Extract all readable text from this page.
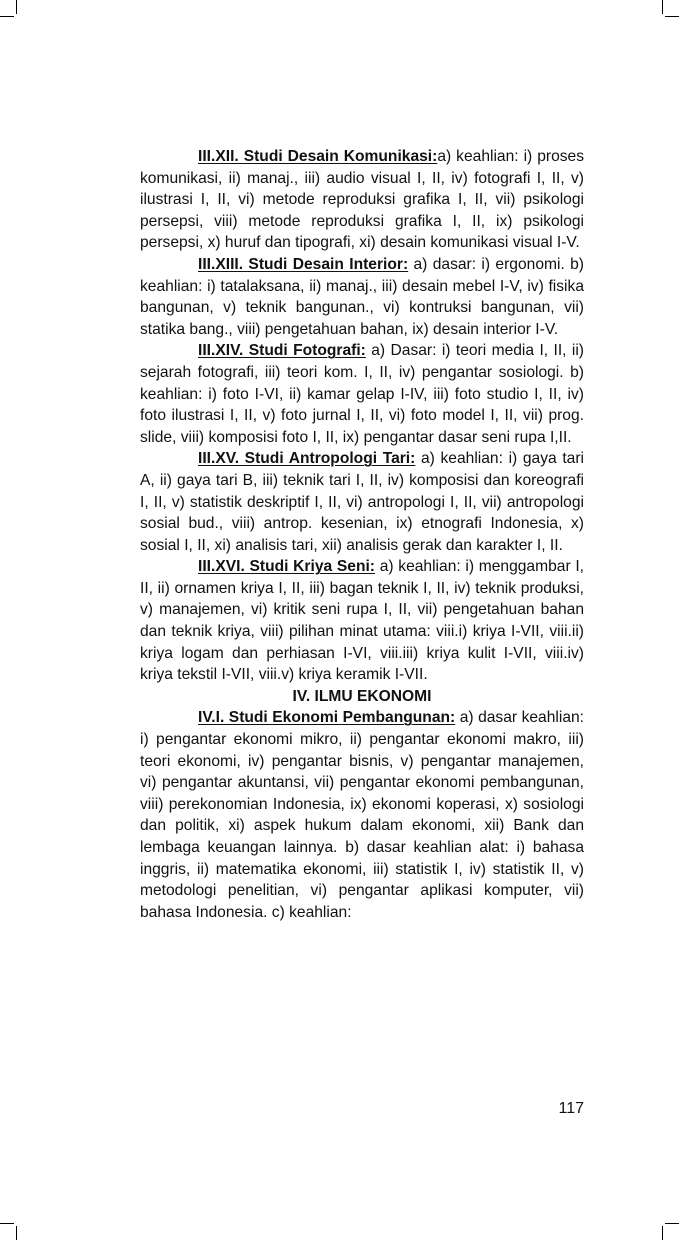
III.XII. Studi Desain Komunikasi:a) keahlian: i) proses komunikasi, ii) manaj., iii) audio visual I, II, iv) fotografi I, II, v) ilustrasi I, II, vi) metode reproduksi grafika I, II, vii) psikologi persepsi, viii) metode reproduksi grafika I, II, ix) psikologi persepsi, x) huruf dan tipografi, xi) desain komunikasi visual I-V.

III.XIII. Studi Desain Interior: a) dasar: i) ergonomi. b) keahlian: i) tatalaksana, ii) manaj., iii) desain mebel I-V, iv) fisika bangunan, v) teknik bangunan., vi) kontruksi bangunan, vii) statika bang., viii) pengetahuan bahan, ix) desain interior I-V.

III.XIV. Studi Fotografi: a) Dasar: i) teori media I, II, ii) sejarah fotografi, iii) teori kom. I, II, iv) pengantar sosiologi. b) keahlian: i) foto I-VI, ii) kamar gelap I-IV, iii) foto studio I, II, iv) foto ilustrasi I, II, v) foto jurnal I, II, vi) foto model I, II, vii) prog. slide, viii) komposisi foto I, II, ix) pengantar dasar seni rupa I,II.

III.XV. Studi Antropologi Tari: a) keahlian: i) gaya tari A, ii) gaya tari B, iii) teknik tari I, II, iv) komposisi dan koreografi I, II, v) statistik deskriptif I, II, vi) antropologi I, II, vii) antropologi sosial bud., viii) antrop. kesenian, ix) etnografi Indonesia, x) sosial I, II, xi) analisis tari, xii) analisis gerak dan karakter I, II.

III.XVI. Studi Kriya Seni: a) keahlian: i) menggambar I, II, ii) ornamen kriya I, II, iii) bagan teknik I, II, iv) teknik produksi, v) manajemen, vi) kritik seni rupa I, II, vii) pengetahuan bahan dan teknik kriya, viii) pilihan minat utama: viii.i) kriya I-VII, viii.ii) kriya logam dan perhiasan I-VI, viii.iii) kriya kulit I-VII, viii.iv) kriya tekstil I-VII, viii.v) kriya keramik I-VII.

IV. ILMU EKONOMI

IV.I. Studi Ekonomi Pembangunan: a) dasar keahlian: i) pengantar ekonomi mikro, ii) pengantar ekonomi makro, iii) teori ekonomi, iv) pengantar bisnis, v) pengantar manajemen, vi) pengantar akuntansi, vii) pengantar ekonomi pembangunan, viii) perekonomian Indonesia, ix) ekonomi koperasi, x) sosiologi dan politik, xi) aspek hukum dalam ekonomi, xii) Bank dan lembaga keuangan lainnya. b) dasar keahlian alat: i) bahasa inggris, ii) matematika ekonomi, iii) statistik I, iv) statistik II, v) metodologi penelitian, vi) pengantar aplikasi komputer, vii) bahasa Indonesia. c) keahlian:

117
